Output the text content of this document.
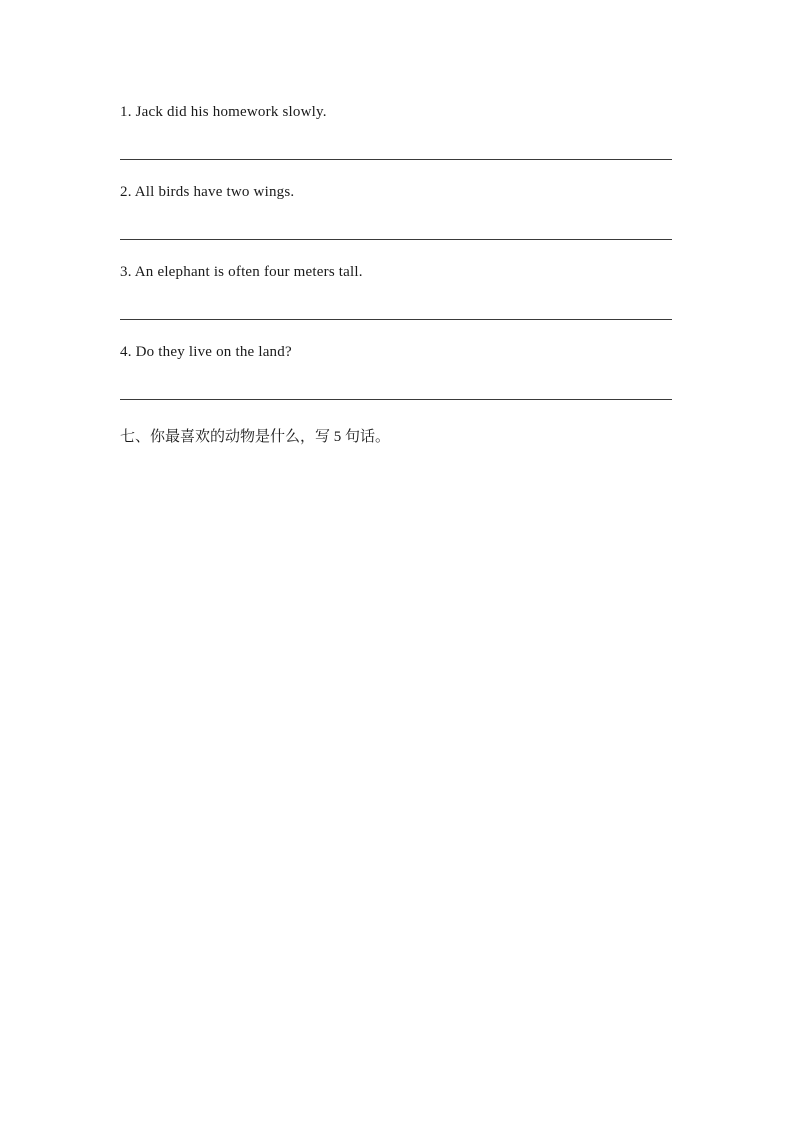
1. Jack did his homework slowly.

2. All birds have two wings.

3. An elephant is often four meters tall.

4. Do they live on the land?

七、你最喜欢的动物是什么，写 5 句话。
